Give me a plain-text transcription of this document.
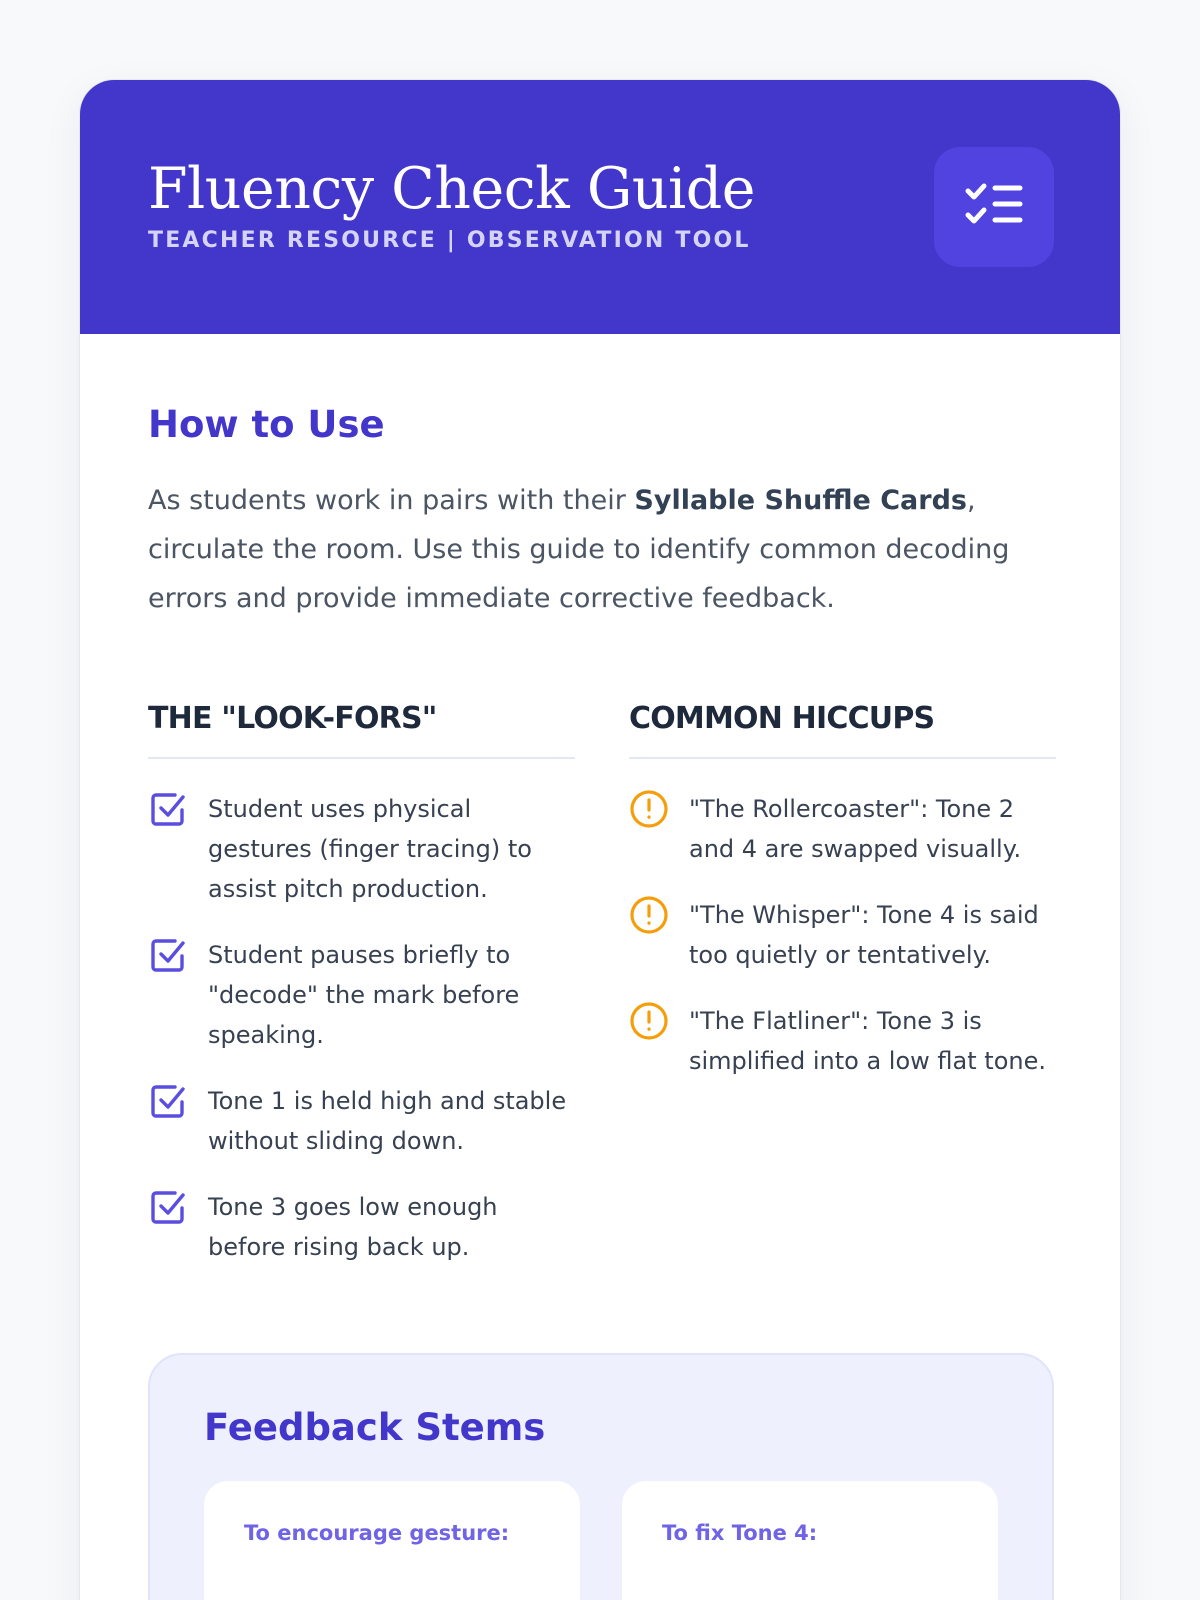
Fluency Check Guide
TEACHER RESOURCE | OBSERVATION TOOL
How to Use

As students work in pairs with their Syllable Shuffle Cards, circulate the room. Use this guide to identify common decoding errors and provide immediate corrective feedback.

THE "LOOK-FORS"
Student uses physical gestures (finger tracing) to assist pitch production.
Student pauses briefly to "decode" the mark before speaking.
Tone 1 is held high and stable without sliding down.
Tone 3 goes low enough before rising back up.
COMMON HICCUPS
"The Rollercoaster": Tone 2 and 4 are swapped visually.
"The Whisper": Tone 4 is said too quietly or tentatively.
"The Flatliner": Tone 3 is simplified into a low flat tone.
Feedback Stems
To encourage gesture:	To fix Tone 4:
